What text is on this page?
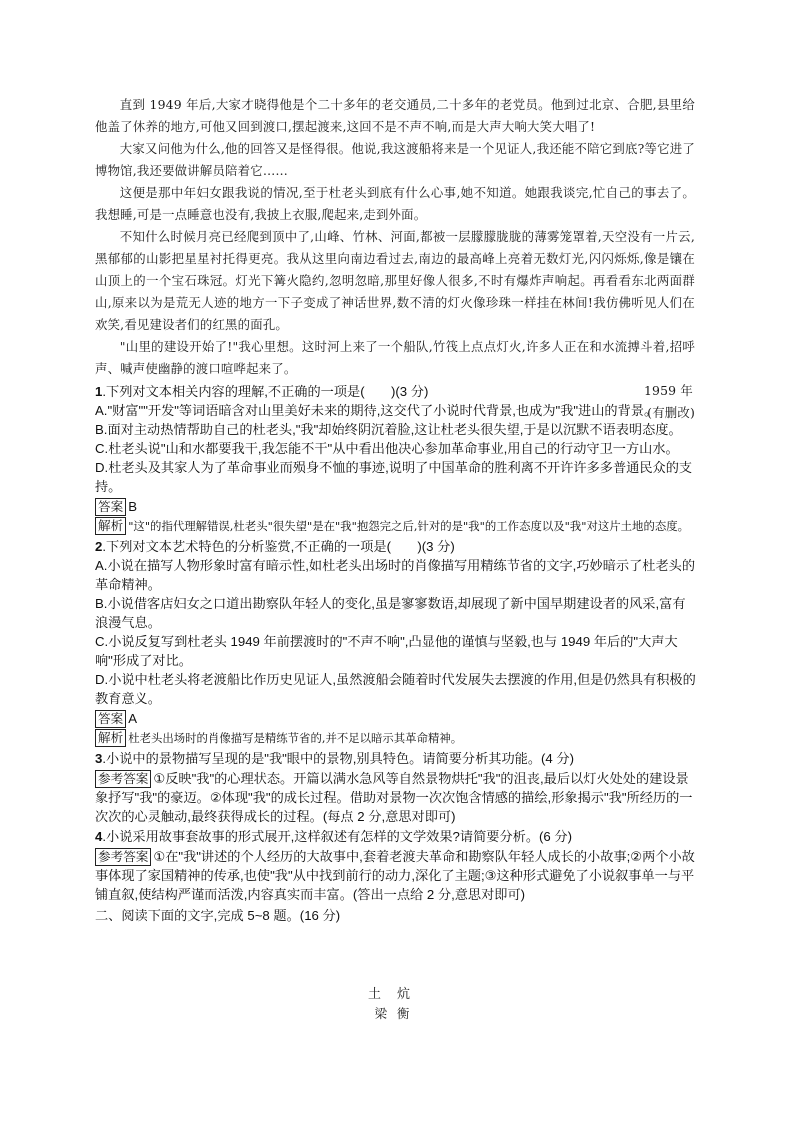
直到 1949 年后,大家才晓得他是个二十多年的老交通员,二十多年的老党员。他到过北京、合肥,县里给他盖了休养的地方,可他又回到渡口,摆起渡来,这回不是不声不响,而是大声大响大笑大唱了!

大家又问他为什么,他的回答又是怪得很。他说,我这渡船将来是一个见证人,我还能不陪它到底?等它进了博物馆,我还要做讲解员陪着它……

这便是那中年妇女跟我说的情况,至于杜老头到底有什么心事,她不知道。她跟我谈完,忙自己的事去了。我想睡,可是一点睡意也没有,我披上衣服,爬起来,走到外面。

不知什么时候月亮已经爬到顶中了,山峰、竹林、河面,都被一层朦朦胧胧的薄雾笼罩着,天空没有一片云,黑郁郁的山影把星星衬托得更亮。我从这里向南边看过去,南边的最高峰上亮着无数灯光,闪闪烁烁,像是镶在山顶上的一个宝石珠冠。灯光下篝火隐约,忽明忽暗,那里好像人很多,不时有爆炸声响起。再看看东北两面群山,原来以为是荒无人迹的地方一下子变成了神话世界,数不清的灯火像珍珠一样挂在林间!我仿佛听见人们在欢笑,看见建设者们的红黑的面孔。

"山里的建设开始了!"我心里想。这时河上来了一个船队,竹筏上点点灯火,许多人正在和水流搏斗着,招呼声、喊声使幽静的渡口喧哗起来了。

1959 年

(有删改)

1.下列对文本相关内容的理解,不正确的一项是(　　)(3 分)

A."财富""开发"等词语暗含对山里美好未来的期待,这交代了小说时代背景,也成为"我"进山的背景。

B.面对主动热情帮助自己的杜老头,"我"却始终阴沉着脸,这让杜老头很失望,于是以沉默不语表明态度。

C.杜老头说"山和水都要我干,我怎能不干"从中看出他决心参加革命事业,用自己的行动守卫一方山水。

D.杜老头及其家人为了革命事业而殒身不恤的事迹,说明了中国革命的胜利离不开许许多多普通民众的支持。

答案 B

解析 "这"的指代理解错误,杜老头"很失望"是在"我"抱怨完之后,针对的是"我"的工作态度以及"我"对这片土地的态度。

2.下列对文本艺术特色的分析鉴赏,不正确的一项是(　　)(3 分)

A.小说在描写人物形象时富有暗示性,如杜老头出场时的肖像描写用精练节省的文字,巧妙暗示了杜老头的革命精神。

B.小说借客店妇女之口道出勘察队年轻人的变化,虽是寥寥数语,却展现了新中国早期建设者的风采,富有浪漫气息。

C.小说反复写到杜老头 1949 年前摆渡时的"不声不响",凸显他的谨慎与坚毅,也与 1949 年后的"大声大响"形成了对比。

D.小说中杜老头将老渡船比作历史见证人,虽然渡船会随着时代发展失去摆渡的作用,但是仍然具有积极的教育意义。

答案 A

解析 杜老头出场时的肖像描写是精练节省的,并不足以暗示其革命精神。

3.小说中的景物描写呈现的是"我"眼中的景物,别具特色。请简要分析其功能。(4 分)

参考答案 ①反映"我"的心理状态。开篇以满水急风等自然景物烘托"我"的沮丧,最后以灯火处处的建设景象抒写"我"的豪迈。②体现"我"的成长过程。借助对景物一次次饱含情感的描绘,形象揭示"我"所经历的一次次的心灵触动,最终获得成长的过程。(每点 2 分,意思对即可)

4.小说采用故事套故事的形式展开,这样叙述有怎样的文学效果?请简要分析。(6 分)

参考答案 ①在"我"讲述的个人经历的大故事中,套着老渡夫革命和勘察队年轻人成长的小故事;②两个小故事体现了家国精神的传承,也使"我"从中找到前行的动力,深化了主题;③这种形式避免了小说叙事单一与平铺直叙,使结构严谨而活泼,内容真实而丰富。(答出一点给 2 分,意思对即可)

二、阅读下面的文字,完成 5~8 题。(16 分)

土炕
梁衡
